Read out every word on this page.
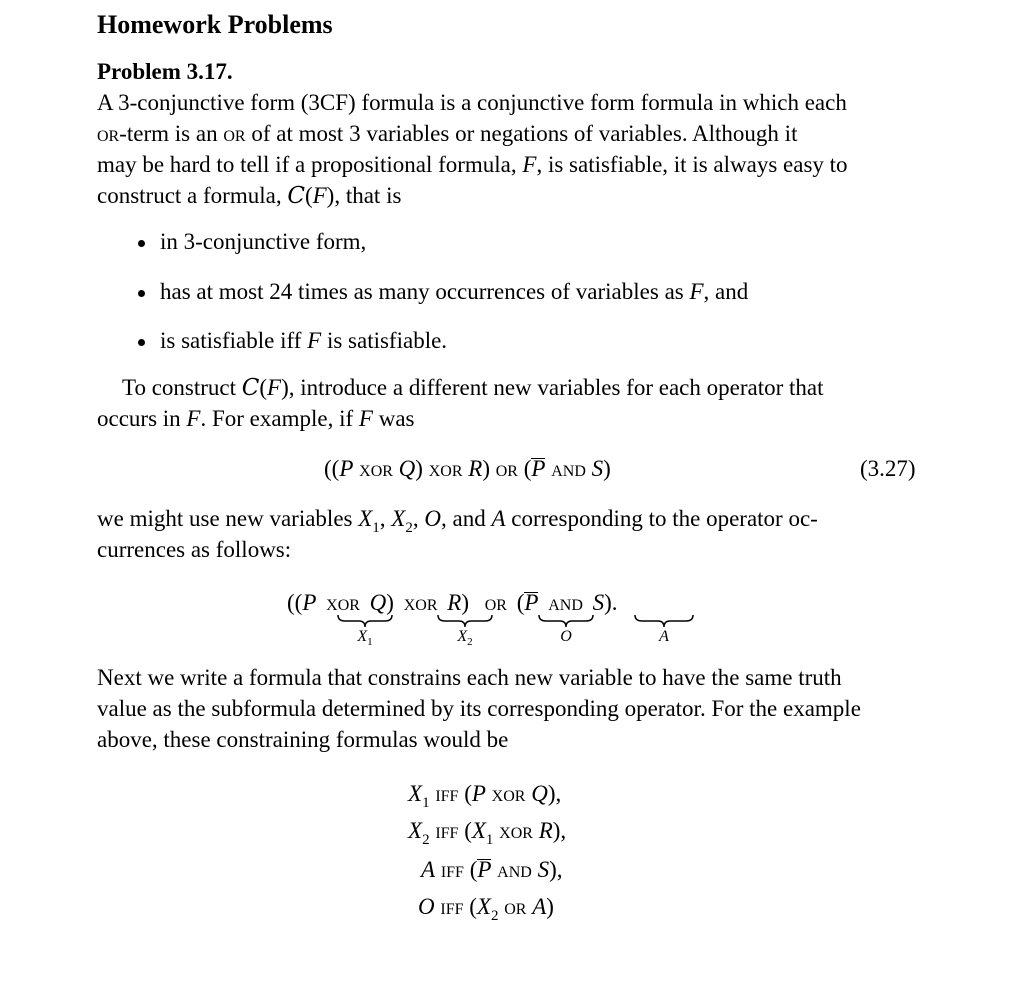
Homework Problems
Problem 3.17.
A 3-conjunctive form (3CF) formula is a conjunctive form formula in which each
or-term is an or of at most 3 variables or negations of variables. Although it
may be hard to tell if a propositional formula, F, is satisfiable, it is always easy to
construct a formula, C(F), that is
in 3-conjunctive form,
has at most 24 times as many occurrences of variables as F, and
is satisfiable iff F is satisfiable.
To construct C(F), introduce a different new variables for each operator that
occurs in F. For example, if F was
((P xor Q) xor R) or (P and S)	(3.27)
we might use new variables $X_1$, $X_2$, O, and A corresponding to the operator oc-
currences as follows:
((P xor Q) xor R) or (P and S).
$X_1$	$X_2$	O	A
Next we write a formula that constrains each new variable to have the same truth
value as the subformula determined by its corresponding operator. For the example
above, these constraining formulas would be
$X_1$ iff (P xor Q),
$X_2$ iff ($X_1$ xor R),
A iff (P and S),
O iff ($X_2$ or A)
